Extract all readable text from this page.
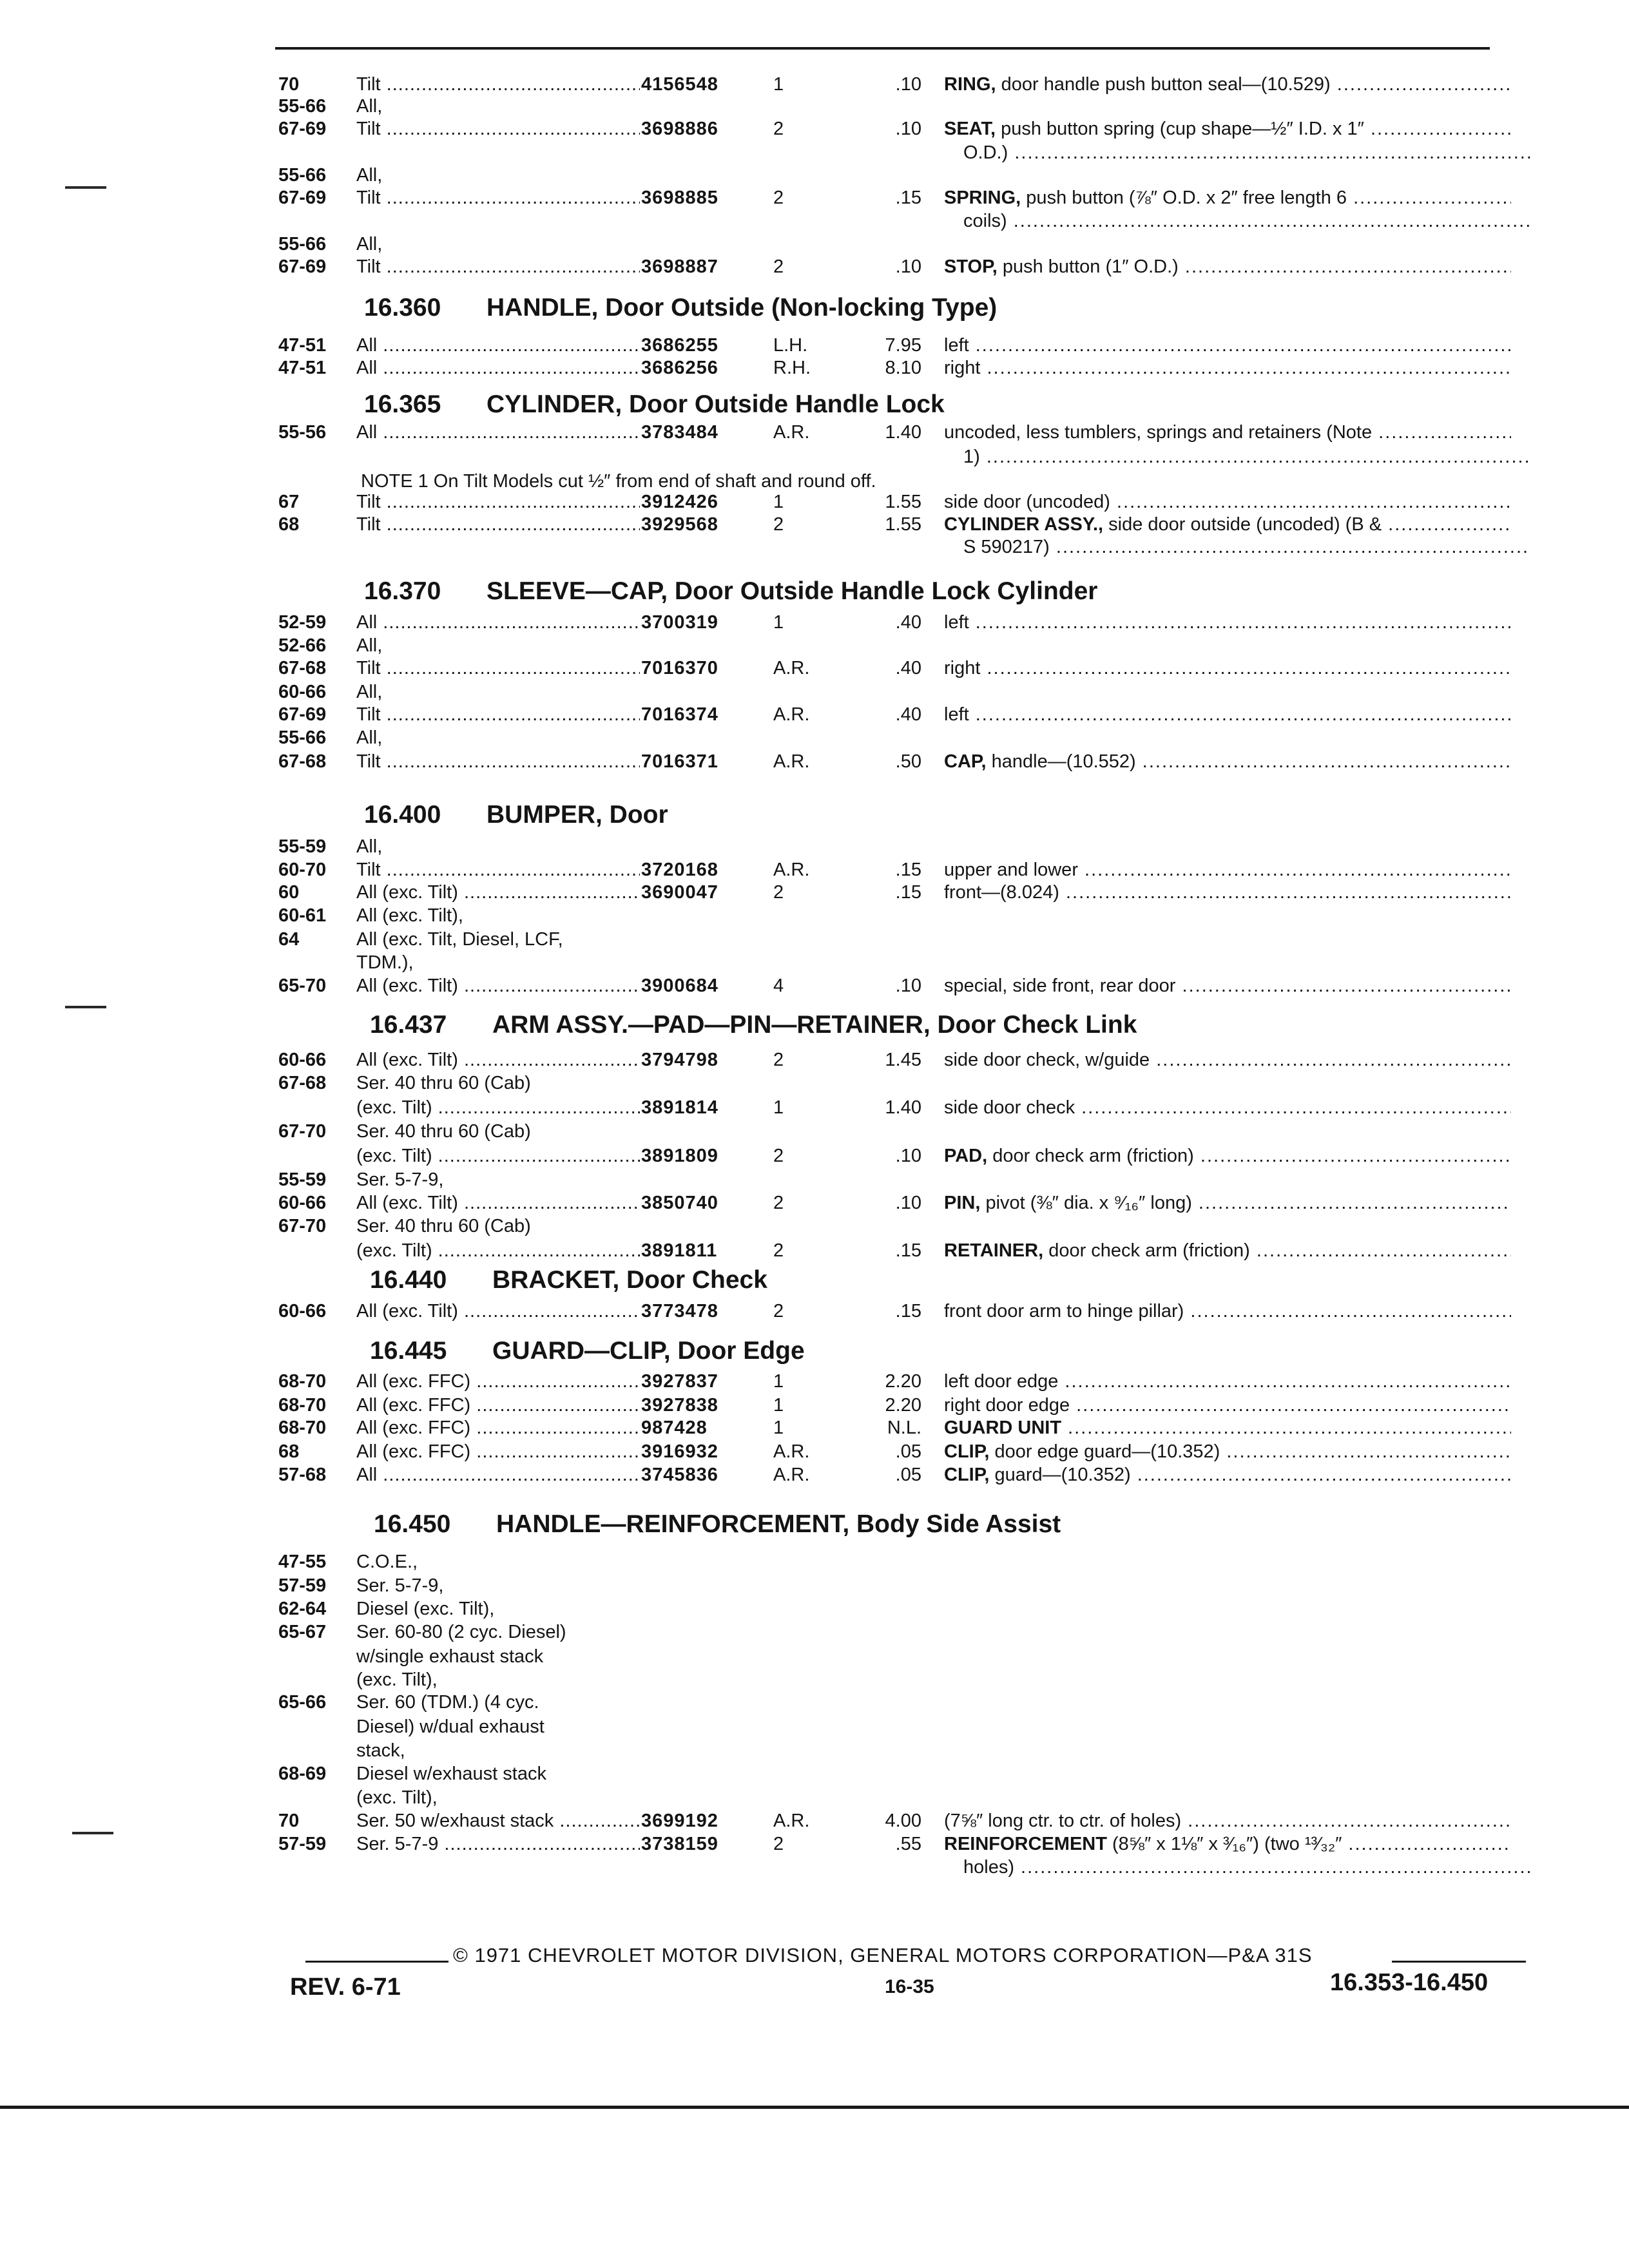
16.360 HANDLE, Door Outside (Non-locking Type)
16.365 CYLINDER, Door Outside Handle Lock
16.370 SLEEVE—CAP, Door Outside Handle Lock Cylinder
16.400 BUMPER, Door
16.437 ARM ASSY.—PAD—PIN—RETAINER, Door Check Link
16.440 BRACKET, Door Check
16.445 GUARD—CLIP, Door Edge
16.450 HANDLE—REINFORCEMENT, Body Side Assist
70	Tilt .....	4156548	1	.10 RING, door handle push button seal—(10.529) .....
55-66 All,
67-69 Tilt .....	3698886	2	.10 SEAT, push button spring (cup shape—½″ I.D. x 1″ .....
O.D.) .....
55-66 All,
67-69 Tilt .....	3698885	2	.15 SPRING, push button (⅞″ O.D. x 2″ free length 6 .....
coils) .....
55-66 All,
67-69 Tilt .....	3698887	2	.10 STOP, push button (1″ O.D.) .....
47-51 All .....	3686255	L.H.	7.95 left .....
47-51 All .....	3686256	R.H.	8.10 right .....
55-56 All .....	3783484	A.R.	1.40 uncoded, less tumblers, springs and retainers (Note .....
1) .....
NOTE 1 On Tilt Models cut ½″ from end of shaft and round off.
67	Tilt .....	3912426	1	1.55 side door (uncoded) .....
68	Tilt .....	3929568	2	1.55 CYLINDER ASSY., side door outside (uncoded) (B & .....
S 590217) .....
52-59 All .....	3700319	1	.40 left .....
52-66 All,
67-68 Tilt .....	7016370	A.R.	.40 right .....
60-66 All,
67-69 Tilt .....	7016374	A.R.	.40 left .....
55-66 All,
67-68 Tilt .....	7016371	A.R.	.50 CAP, handle—(10.552) .....
55-59 All,
60-70 Tilt .....	3720168	A.R.	.15 upper and lower .....
60	All (exc. Tilt) .....	3690047	2	.15 front—(8.024) .....
60-61 All (exc. Tilt),
64	All (exc. Tilt, Diesel, LCF,
TDM.),
65-70 All (exc. Tilt) .....	3900684	4	.10 special, side front, rear door .....
60-66 All (exc. Tilt) .....	3794798	2	1.45 side door check, w/guide .....
67-68 Ser. 40 thru 60 (Cab)
(exc. Tilt) .....	3891814	1	1.40 side door check .....
67-70 Ser. 40 thru 60 (Cab)
(exc. Tilt) .....	3891809	2	.10 PAD, door check arm (friction) .....
55-59 Ser. 5-7-9,
60-66 All (exc. Tilt) .....	3850740	2	.10 PIN, pivot (⅜″ dia. x ⁹⁄₁₆″ long) .....
67-70 Ser. 40 thru 60 (Cab)
(exc. Tilt) .....	3891811	2	.15 RETAINER, door check arm (friction) .....
60-66 All (exc. Tilt) .....	3773478	2	.15 front door arm to hinge pillar) .....
68-70 All (exc. FFC) .....	3927837	1	2.20 left door edge .....
68-70 All (exc. FFC) .....	3927838	1	2.20 right door edge .....
68-70 All (exc. FFC) .....	987428	1	N.L. GUARD UNIT .....
68	All (exc. FFC) .....	3916932	A.R.	.05 CLIP, door edge guard—(10.352) .....
57-68 All .....	3745836	A.R.	.05 CLIP, guard—(10.352) .....
47-55 C.O.E.,
57-59 Ser. 5-7-9,
62-64 Diesel (exc. Tilt),
65-67 Ser. 60-80 (2 cyc. Diesel)
w/single exhaust stack
(exc. Tilt),
65-66 Ser. 60 (TDM.) (4 cyc.
Diesel) w/dual exhaust
stack,
68-69 Diesel w/exhaust stack
(exc. Tilt),
70	Ser. 50 w/exhaust stack .....	3699192	A.R.	4.00 (7⅝″ long ctr. to ctr. of holes) .....
57-59 Ser. 5-7-9 .....	3738159	2	.55 REINFORCEMENT (8⅝″ x 1⅛″ x ³⁄₁₆″) (two ¹³⁄₃₂″ .....
holes) .....
© 1971 CHEVROLET MOTOR DIVISION, GENERAL MOTORS CORPORATION—P&A 31S
REV. 6-71	16-35	16.353-16.450
